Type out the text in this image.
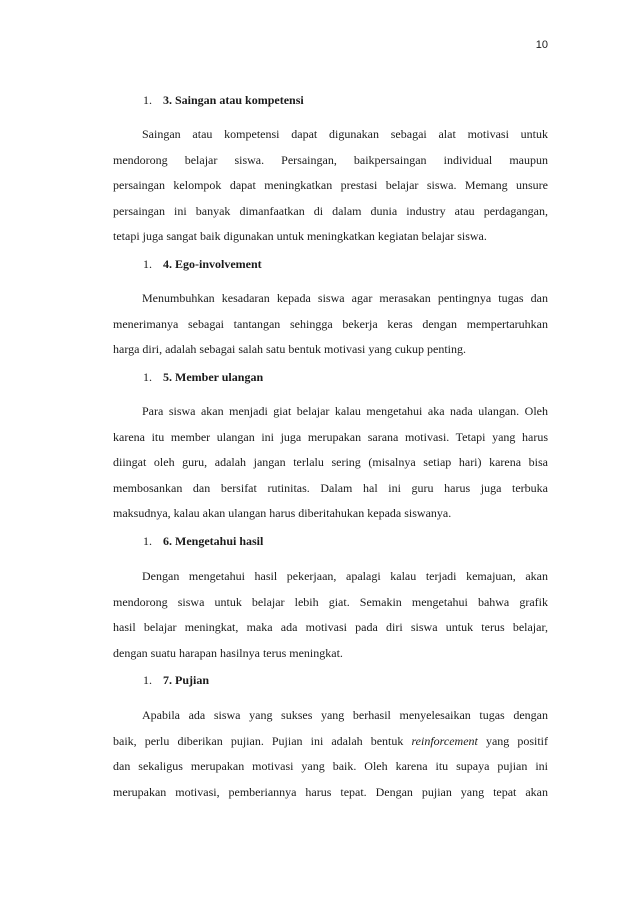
10

1. 3. Saingan atau kompetensi

Saingan atau kompetensi dapat digunakan sebagai alat motivasi untuk
mendorong belajar siswa. Persaingan, baikpersaingan individual maupun
persaingan kelompok dapat meningkatkan prestasi belajar siswa. Memang unsure
persaingan ini banyak dimanfaatkan di dalam dunia industry atau perdagangan,
tetapi juga sangat baik digunakan untuk meningkatkan kegiatan belajar siswa.

1. 4. Ego-involvement

Menumbuhkan kesadaran kepada siswa agar merasakan pentingnya tugas dan
menerimanya sebagai tantangan sehingga bekerja keras dengan mempertaruhkan
harga diri, adalah sebagai salah satu bentuk motivasi yang cukup penting.

1. 5. Member ulangan

Para siswa akan menjadi giat belajar kalau mengetahui aka nada ulangan. Oleh
karena itu member ulangan ini juga merupakan sarana motivasi. Tetapi yang harus
diingat oleh guru, adalah jangan terlalu sering (misalnya setiap hari) karena bisa
membosankan dan bersifat rutinitas. Dalam hal ini guru harus juga terbuka
maksudnya, kalau akan ulangan harus diberitahukan kepada siswanya.

1. 6. Mengetahui hasil

Dengan mengetahui hasil pekerjaan, apalagi kalau terjadi kemajuan, akan
mendorong siswa untuk belajar lebih giat. Semakin mengetahui bahwa grafik
hasil belajar meningkat, maka ada motivasi pada diri siswa untuk terus belajar,
dengan suatu harapan hasilnya terus meningkat.

1. 7. Pujian

Apabila ada siswa yang sukses yang berhasil menyelesaikan tugas dengan
baik, perlu diberikan pujian. Pujian ini adalah bentuk reinforcement yang positif
dan sekaligus merupakan motivasi yang baik. Oleh karena itu supaya pujian ini
merupakan motivasi, pemberiannya harus tepat. Dengan pujian yang tepat akan
